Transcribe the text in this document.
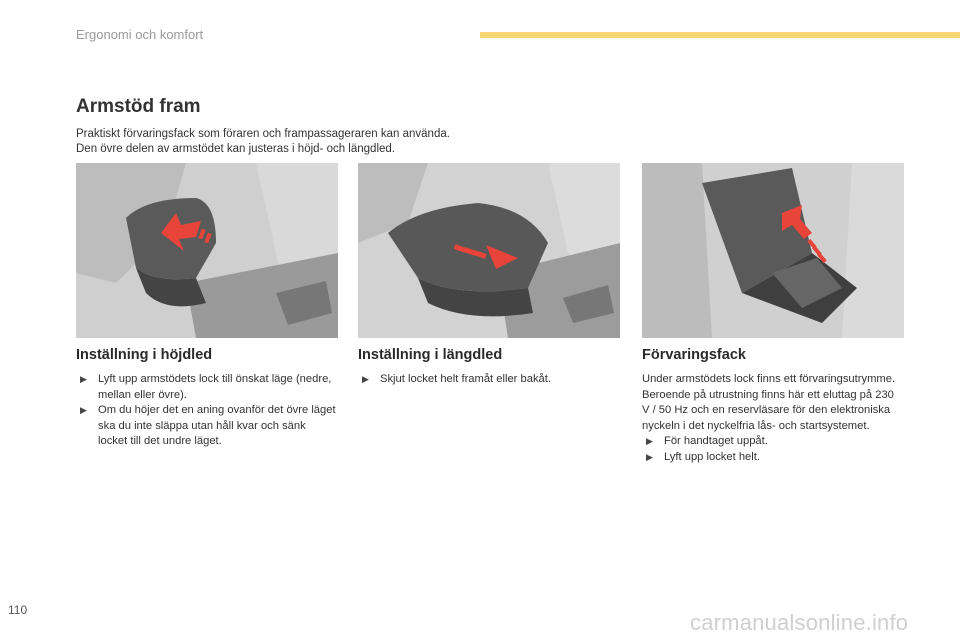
Ergonomi och komfort
Armstöd fram
Praktiskt förvaringsfack som föraren och frampassageraren kan använda.
Den övre delen av armstödet kan justeras i höjd- och längdled.
Inställning i höjdled
▶ Lyft upp armstödets lock till önskat läge (nedre, mellan eller övre).
▶ Om du höjer det en aning ovanför det övre läget ska du inte släppa utan håll kvar och sänk locket till det undre läget.
Inställning i längdled
▶ Skjut locket helt framåt eller bakåt.
Förvaringsfack
Under armstödets lock finns ett förvaringsutrymme. Beroende på utrustning finns här ett eluttag på 230 V / 50 Hz och en reservläsare för den elektroniska nyckeln i det nyckelfria lås- och startsystemet.
▶ För handtaget uppåt.
▶ Lyft upp locket helt.
110	carmanualsonline.info
